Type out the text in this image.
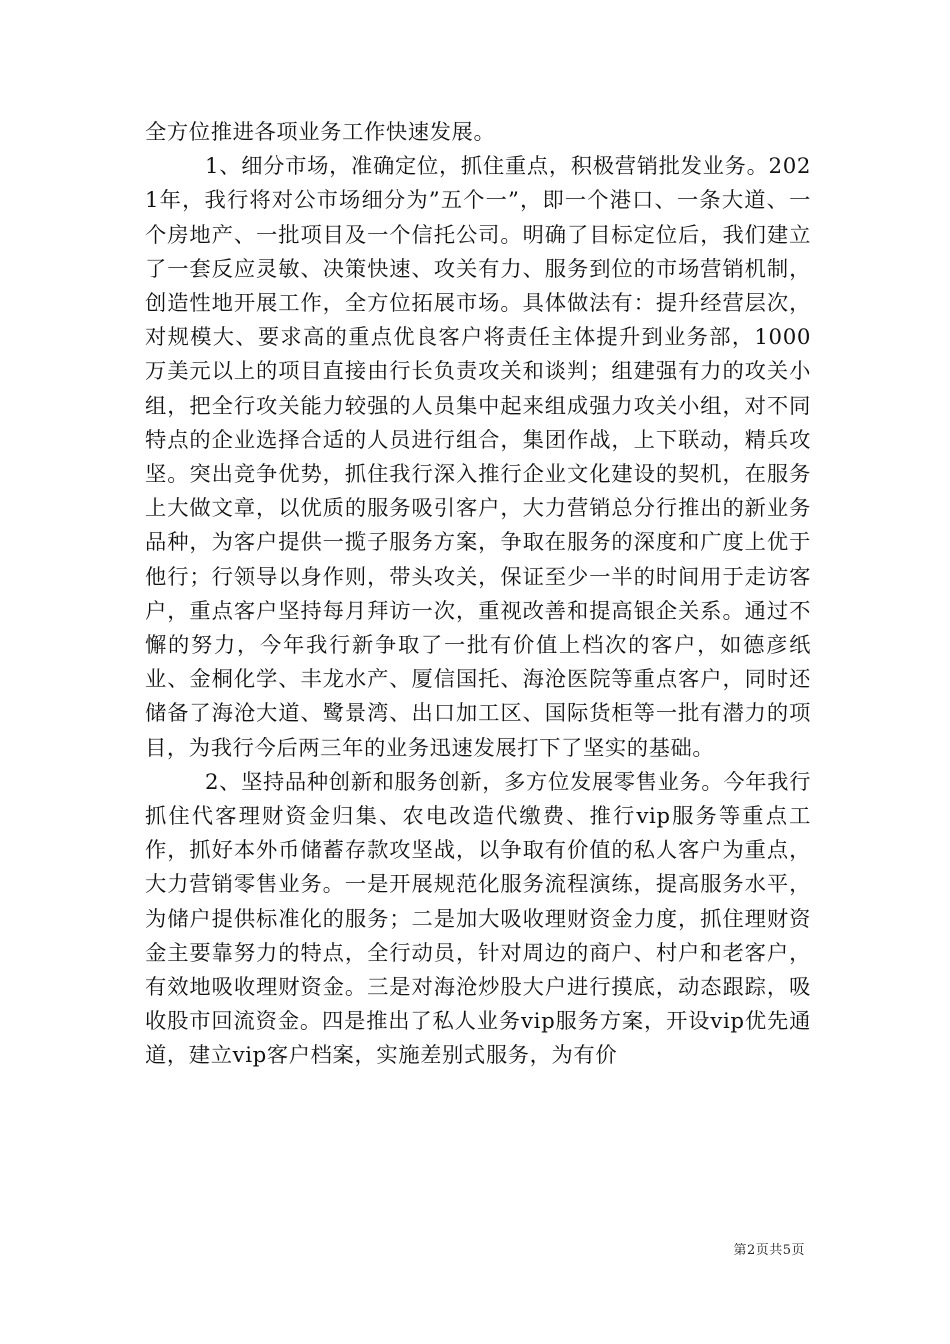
全方位推进各项业务工作快速发展。

1、细分市场，准确定位，抓住重点，积极营销批发业务。2021年，我行将对公市场细分为”五个一”，即一个港口、一条大道、一个房地产、一批项目及一个信托公司。明确了目标定位后，我们建立了一套反应灵敏、决策快速、攻关有力、服务到位的市场营销机制，创造性地开展工作，全方位拓展市场。具体做法有：提升经营层次，对规模大、要求高的重点优良客户将责任主体提升到业务部，1000万美元以上的项目直接由行长负责攻关和谈判；组建强有力的攻关小组，把全行攻关能力较强的人员集中起来组成强力攻关小组，对不同特点的企业选择合适的人员进行组合，集团作战，上下联动，精兵攻坚。突出竞争优势，抓住我行深入推行企业文化建设的契机，在服务上大做文章，以优质的服务吸引客户，大力营销总分行推出的新业务品种，为客户提供一揽子服务方案，争取在服务的深度和广度上优于他行；行领导以身作则，带头攻关，保证至少一半的时间用于走访客户，重点客户坚持每月拜访一次，重视改善和提高银企关系。通过不懈的努力，今年我行新争取了一批有价值上档次的客户，如德彦纸业、金桐化学、丰龙水产、厦信国托、海沧医院等重点客户，同时还储备了海沧大道、鹭景湾、出口加工区、国际货柜等一批有潜力的项目，为我行今后两三年的业务迅速发展打下了坚实的基础。

2、坚持品种创新和服务创新，多方位发展零售业务。今年我行抓住代客理财资金归集、农电改造代缴费、推行vip服务等重点工作，抓好本外币储蓄存款攻坚战，以争取有价值的私人客户为重点，大力营销零售业务。一是开展规范化服务流程演练，提高服务水平，为储户提供标准化的服务；二是加大吸收理财资金力度，抓住理财资金主要靠努力的特点，全行动员，针对周边的商户、村户和老客户，有效地吸收理财资金。三是对海沧炒股大户进行摸底，动态跟踪，吸收股市回流资金。四是推出了私人业务vip服务方案，开设vip优先通道，建立vip客户档案，实施差别式服务，为有价

第2页共5页
